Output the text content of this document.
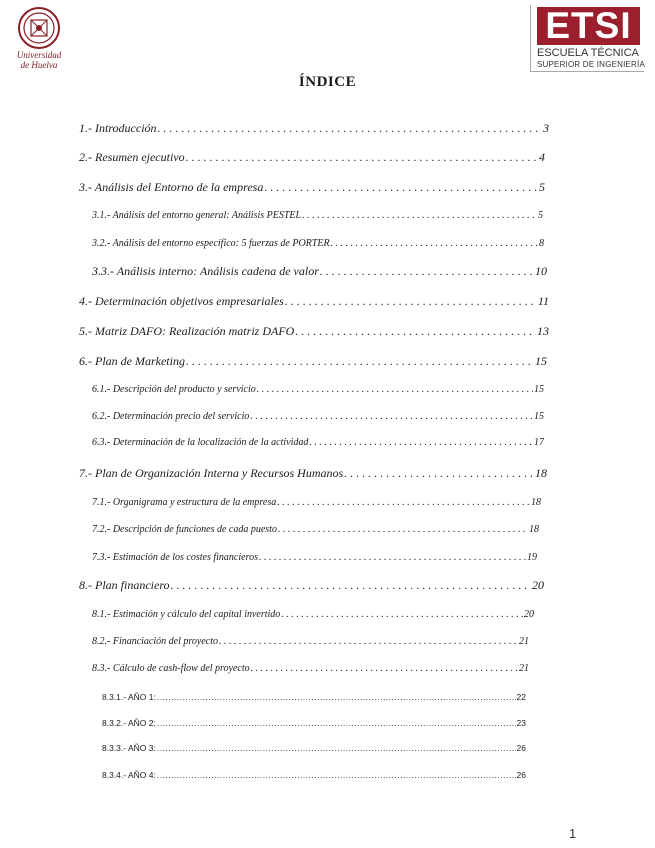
Universidad
de Huelva
ETSI
ESCUELA TÉCNICA
SUPERIOR DE INGENIERÍA
ÍNDICE
1.- Introducción . . .	3
2.- Resumen ejecutivo . . .	4
3.- Análisis del Entorno de la empresa . . .	5
3.1.- Análisis del entorno general: Análisis PESTEL . . .	5
3.2.- Análisis del entorno específico: 5 fuerzas de PORTER . . .	8
3.3.- Análisis interno: Análisis cadena de valor . . .	10
4.- Determinación objetivos empresariales . . .	11
5.- Matriz DAFO: Realización matriz DAFO . . .	13
6.- Plan de Marketing . . .	15
6.1.- Descripción del producto y servicio . . .	15
6.2.- Determinación precio del servicio . . .	15
6.3.- Determinación de la localización de la actividad . . .	17
7.- Plan de Organización Interna y Recursos Humanos . . .	18
7.1.- Organigrama y estructura de la empresa . . .	18
7.2.- Descripción de funciones de cada puesto . . .	18
7.3.- Estimación de los costes financieros . . .	19
8.- Plan financiero . . .	20
8.1.- Estimación y cálculo del capital invertido . . .	20
8.2.- Financiación del proyecto . . .	21
8.3.- Cálculo de cash-flow del proyecto . . .	21
8.3.1.- AÑO 1: .....	22
8.3.2.- AÑO 2: .....	23
8.3.3.- AÑO 3: .....	26
8.3.4.- AÑO 4: .....	26
1
